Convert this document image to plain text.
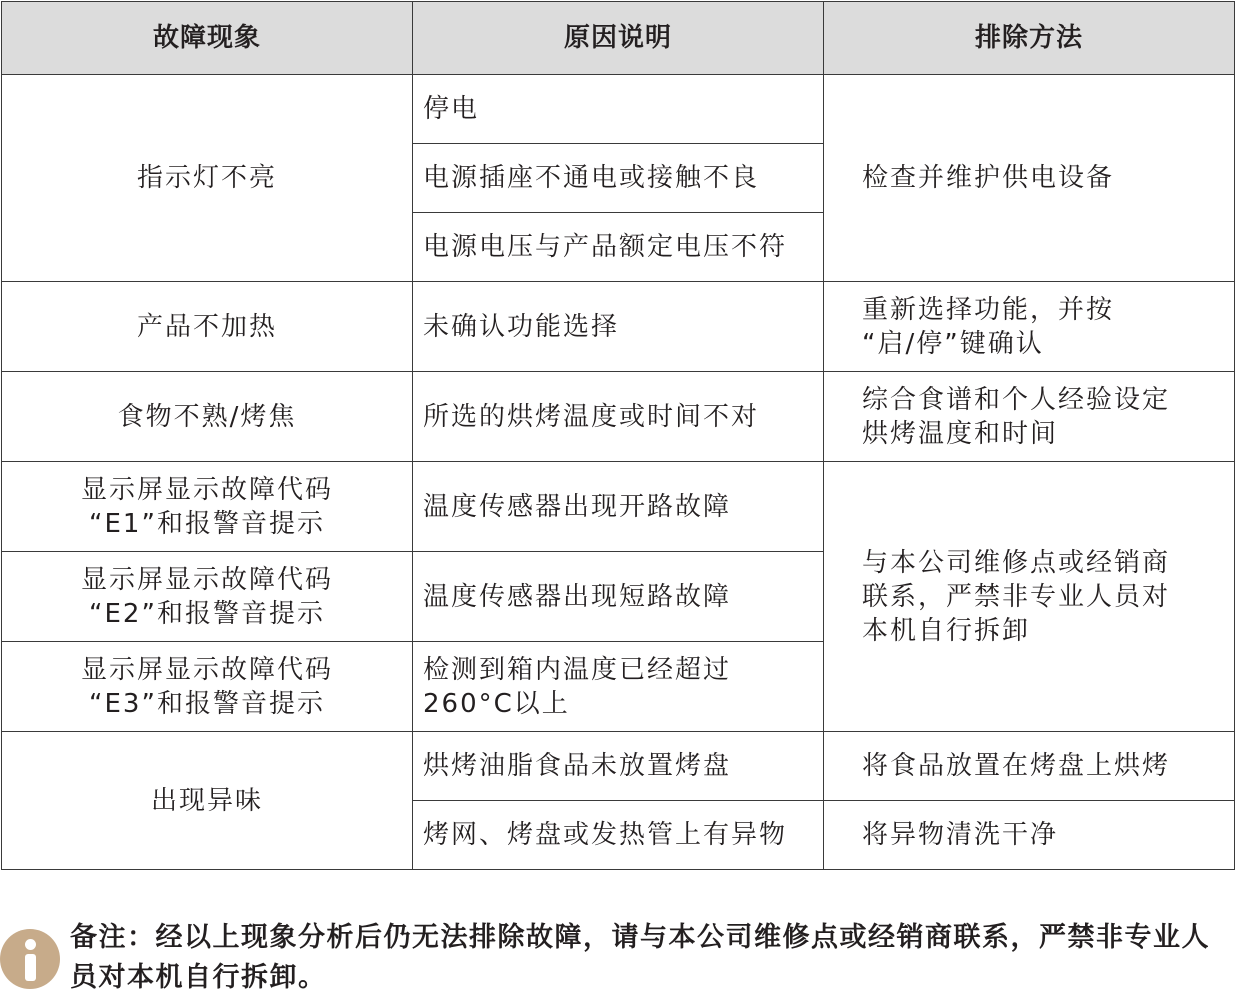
故障现象	原因说明	排除方法
指示灯不亮	停电	检查并维护供电设备
	电源插座不通电或接触不良	
	电源电压与产品额定电压不符	
产品不加热	未确认功能选择	重新选择功能，并按
“启/停”键确认
食物不熟/烤焦	所选的烘烤温度或时间不对	综合食谱和个人经验设定
烘烤温度和时间
显示屏显示故障代码
“E1”和报警音提示	温度传感器出现开路故障	与本公司维修点或经销商
联系，严禁非专业人员对
本机自行拆卸
显示屏显示故障代码
“E2”和报警音提示	温度传感器出现短路故障	
显示屏显示故障代码
“E3”和报警音提示	检测到箱内温度已经超过
260°C以上	
出现异味	烘烤油脂食品未放置烤盘	将食品放置在烤盘上烘烤
	烤网、烤盘或发热管上有异物	将异物清洗干净
备注：经以上现象分析后仍无法排除故障，请与本公司维修点或经销商联系，严禁非专业人员对本机自行拆卸。
